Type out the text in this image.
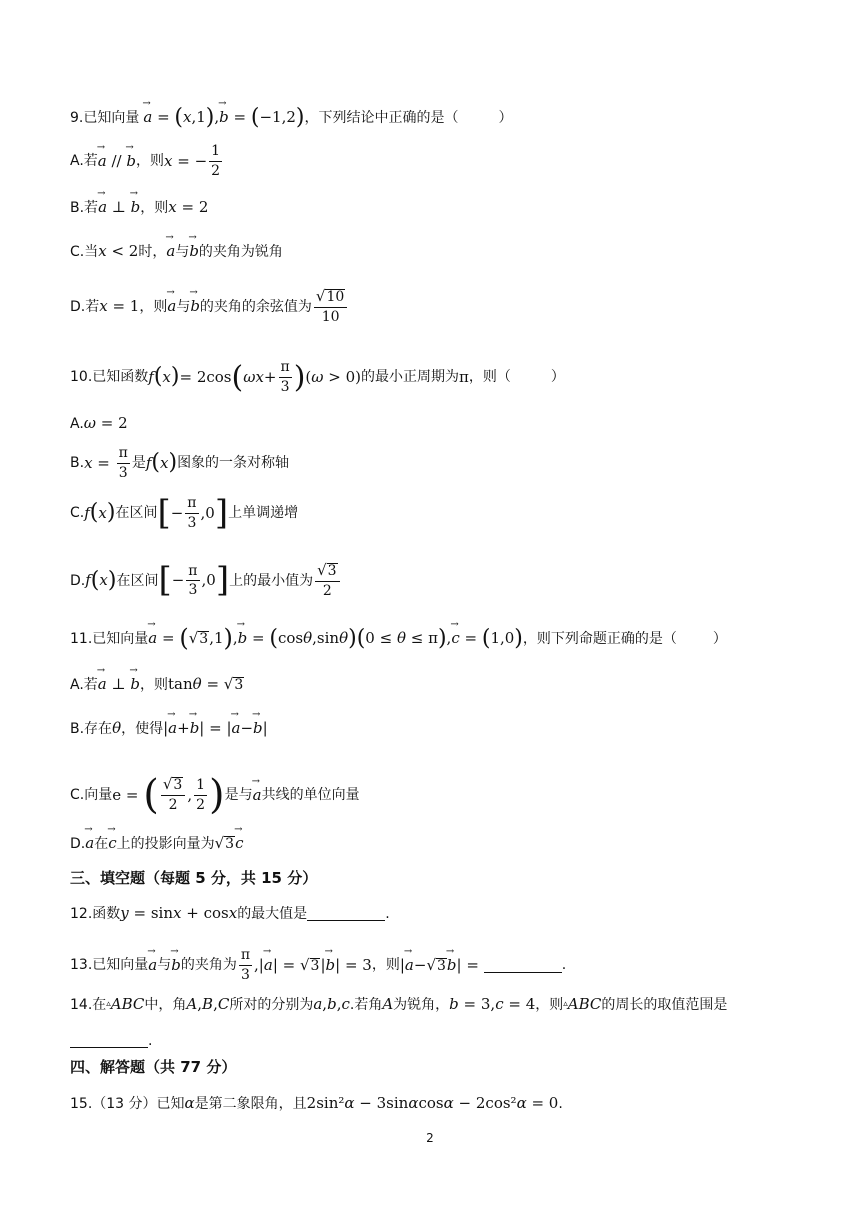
9.已知向量 → a = ( x ,1 ) , → b = ( −1,2 ) ，下列结论中正确的是（	）
A.若 → a // → b ，则 x = − $\frac{1}{2}$
B.若 → a ⊥ → b ，则 x = 2
C.当 x < 2 时， → a 与 → b 的夹角为锐角
D.若 x = 1 ，则 → a 与 → b 的夹角的余弦值为 $\frac{√ 10}{10}$
10.已知函数 f ( x ) = 2cos ( $\omega x + \frac{\pi}{3}$ ) ( ω > 0) 的最小正周期为 π ，则（	）
A. ω = 2
B. $x = \frac{\pi}{3}$ 是 f ( x ) 图象的一条对称轴
C. f ( x ) 在区间 [ − $\frac{\pi}{3} ,0$ ] 上单调递增
D. f ( x ) 在区间 [ − $\frac{\pi}{3} ,0$ ] 上的最小值为 $\frac{√ 3}{2}$
11.已知向量 → a = ( √ 3 ,1 ) , → b = ( cos θ ,sin θ ) ( 0 ≤ θ ≤ π ) , → c = ( 1,0 ) ，则下列命题正确的是（	）
A.若 → a ⊥ → b ，则 tan θ = √ 3
B.存在 θ ，使得 | → a + → b | = | → a − → b |
C.向量 e = ( $\frac{√ 3}{2}$ , $\frac{1}{2}$ ) 是与 → a 共线的单位向量
D. → a 在 → c 上的投影向量为 √ 3 → c
三、填空题（每题 5 分，共 15 分）
12.函数 y = sin x + cos x 的最大值是	.
13.已知向量 → a 与 → b 的夹角为 $\frac{\pi}{3}$ ,| → a | = √ 3 | → b | = 3 ，则 | → a − √ 3 → b | =	.
14.在 ▵ ABC 中，角 A , B , C 所对的分别为 a , b , c .若角 A 为锐角， b = 3, c = 4 ，则 ▵ ABC 的周长的取值范围是
.
四、解答题（共 77 分）
15.（13 分）已知 α 是第二象限角，且 2sin² α − 3sin α cos α − 2cos² α = 0 .
2
